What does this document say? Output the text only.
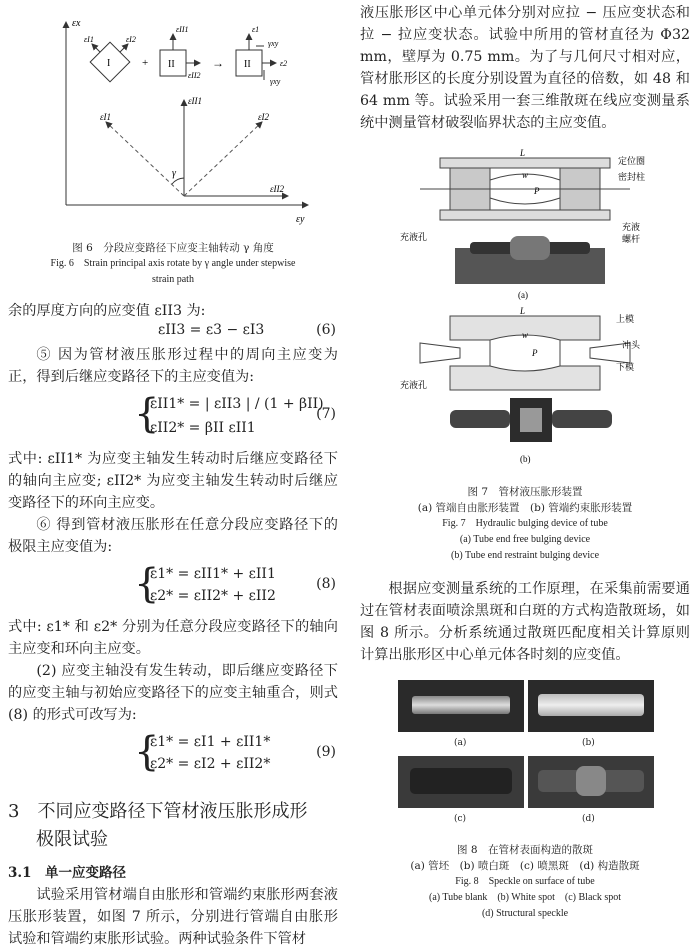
εx
εy
I
εI1	εI2
+ II
εII1
εII2
→ II
ε1
ε2
γxy
γxy
εII1
εII2
εI1	εI2
γ

图 6　分段应变路径下应变主轴转动 γ 角度

Fig. 6　Strain principal axis rotate by γ angle under stepwise

strain path

余的厚度方向的应变值 εII3 为:

εII3 = ε3 − εI3	(6)

⑤ 因为管材液压胀形过程中的周向主应变为正，得到后继应变路径下的主应变值为:

{
εII1* = | εII3 | / (1 + βII)
εII2* = βII εII1
(7)

式中: εII1* 为应变主轴发生转动时后继应变路径下的轴向主应变; εII2* 为应变主轴发生转动时后继应变路径下的环向主应变。

⑥ 得到管材液压胀形在任意分段应变路径下的极限主应变值为:

{
ε1* = εII1* + εII1
ε2* = εII2* + εII2
(8)

式中: ε1* 和 ε2* 分别为任意分段应变路径下的轴向主应变和环向主应变。

(2) 应变主轴没有发生转动，即后继应变路径下的应变主轴与初始应变路径下的应变主轴重合，则式 (8) 的形式可改写为:

{
ε1* = εI1 + εII1*
ε2* = εI2 + εII2*
(9)

3　不同应变路径下管材液压胀形成形

极限试验

3.1　单一应变路径

试验采用管材端自由胀形和管端约束胀形两套液压胀形装置，如图 7 所示，分别进行管端自由胀形试验和管端约束胀形试验。两种试验条件下管材

液压胀形区中心单元体分别对应拉 − 压应变状态和拉 − 拉应变状态。试验中所用的管材直径为 Φ32 mm，壁厚为 0.75 mm。为了与几何尺寸相对应，管材胀形区的长度分别设置为直径的倍数，如 48 和 64 mm 等。试验采用一套三维散斑在线应变测量系统中测量管材破裂临界状态的主应变值。

L
w
P
定位圈
密封柱
充液孔
充液
螺杆
(a)
L
w
P
上模
冲头
下模
充液孔
(b)

图 7　管材液压胀形装置

(a) 管端自由胀形装置　(b) 管端约束胀形装置

Fig. 7　Hydraulic bulging device of tube

(a) Tube end free bulging device

(b) Tube end restraint bulging device

根据应变测量系统的工作原理，在采集前需要通过在管材表面喷涂黑斑和白斑的方式构造散斑场，如图 8 所示。分析系统通过散斑匹配度相关计算原则计算出胀形区中心单元体各时刻的应变值。

(a)	(b)
(c)	(d)

图 8　在管材表面构造的散斑

(a) 管坯　(b) 喷白斑　(c) 喷黑斑　(d) 构造散斑

Fig. 8　Speckle on surface of tube

(a) Tube blank　(b) White spot　(c) Black spot

(d) Structural speckle
